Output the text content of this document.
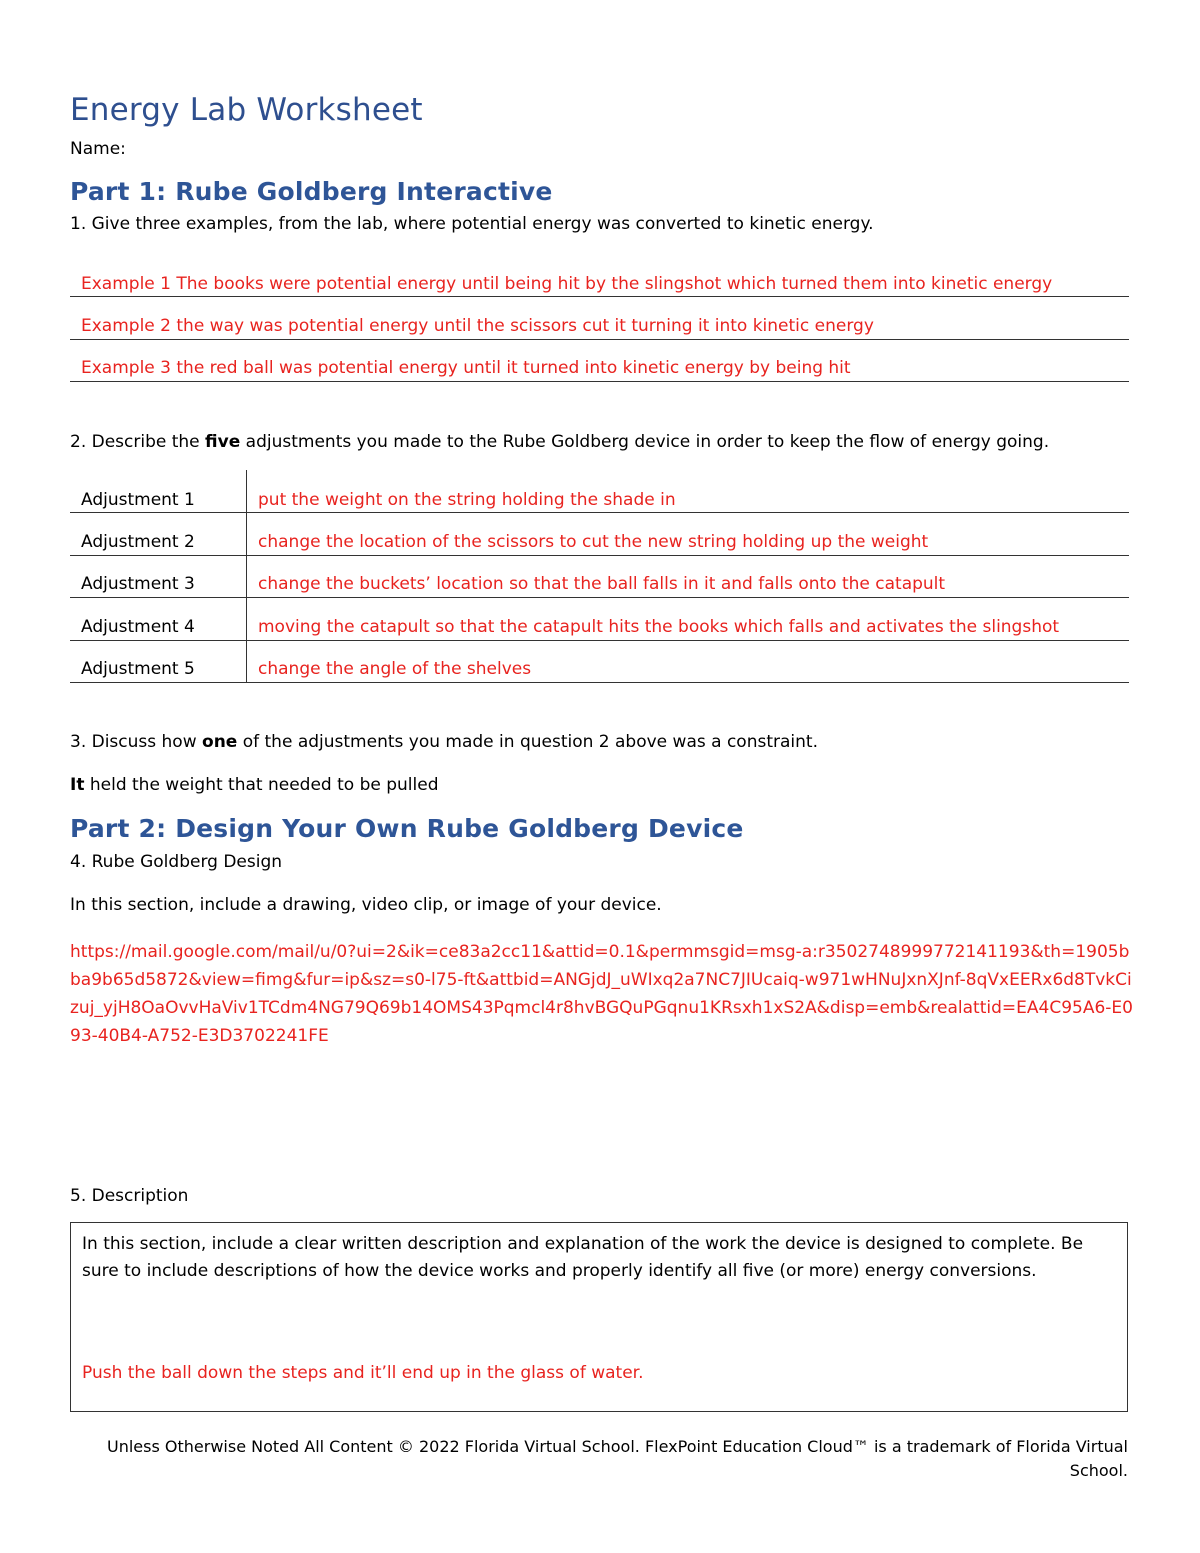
Energy Lab Worksheet
Name:
Part 1: Rube Goldberg Interactive
1. Give three examples, from the lab, where potential energy was converted to kinetic energy.
Example 1 The books were potential energy until being hit by the slingshot which turned them into kinetic energy
Example 2 the way was potential energy until the scissors cut it turning it into kinetic energy
Example 3 the red ball was potential energy until it turned into kinetic energy by being hit
2. Describe the five adjustments you made to the Rube Goldberg device in order to keep the flow of energy going.
Adjustment 1	put the weight on the string holding the shade in
Adjustment 2	change the location of the scissors to cut the new string holding up the weight
Adjustment 3	change the buckets’ location so that the ball falls in it and falls onto the catapult
Adjustment 4	moving the catapult so that the catapult hits the books which falls and activates the slingshot
Adjustment 5	change the angle of the shelves
3. Discuss how one of the adjustments you made in question 2 above was a constraint.
It held the weight that needed to be pulled
Part 2: Design Your Own Rube Goldberg Device
4. Rube Goldberg Design
In this section, include a drawing, video clip, or image of your device.
https://mail.google.com/mail/u/0?ui=2&ik=ce83a2cc11&attid=0.1&permmsgid=msg-a:r3502748999772141193&th=1905bba9b65d5872&view=fimg&fur=ip&sz=s0-l75-ft&attbid=ANGjdJ_uWIxq2a7NC7JIUcaiq-w971wHNuJxnXJnf-8qVxEERx6d8TvkCizuj_yjH8OaOvvHaViv1TCdm4NG79Q69b14OMS43Pqmcl4r8hvBGQuPGqnu1KRsxh1xS2A&disp=emb&realattid=EA4C95A6-E093-40B4-A752-E3D3702241FE
5. Description
In this section, include a clear written description and explanation of the work the device is designed to complete. Be sure to include descriptions of how the device works and properly identify all five (or more) energy conversions.
Push the ball down the steps and it’ll end up in the glass of water.
Unless Otherwise Noted All Content © 2022 Florida Virtual School. FlexPoint Education Cloud™ is a trademark of Florida Virtual School.
